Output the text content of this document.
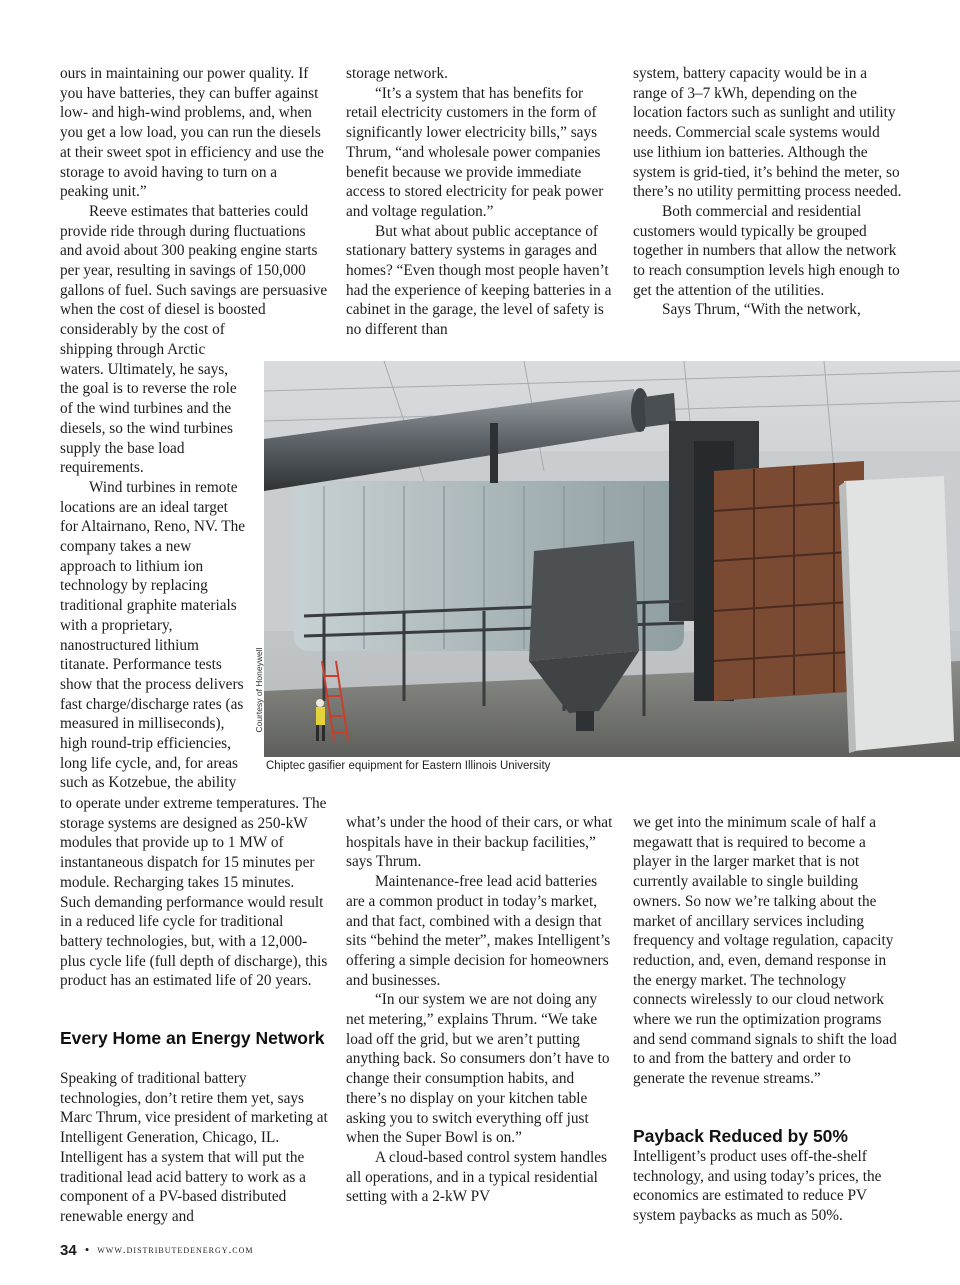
ours in maintaining our power quality. If you have batteries, they can buffer against low- and high-wind problems, and, when you get a low load, you can run the diesels at their sweet spot in efficiency and use the storage to avoid having to turn on a peaking unit.”

Reeve estimates that batteries could provide ride through during fluctuations and avoid about 300 peaking engine starts per year, resulting in savings of 150,000 gallons of fuel. Such savings are persuasive when the cost of diesel is boosted considerably by the cost of

shipping through Arctic waters. Ultimately, he says, the goal is to reverse the role of the wind turbines and the diesels, so the wind turbines supply the base load requirements.

Wind turbines in remote locations are an ideal target for Altairnano, Reno, NV. The company takes a new approach to lithium ion technology by replacing traditional graphite materials with a proprietary, nanostructured lithium titanate. Performance tests show that the process delivers fast charge/discharge rates (as measured in milliseconds), high round-trip efficiencies, long life cycle, and, for areas such as Kotzebue, the ability

to operate under extreme temperatures. The storage systems are designed as 250-kW modules that provide up to 1 MW of instantaneous dispatch for 15 minutes per module. Recharging takes 15 minutes. Such demanding performance would result in a reduced life cycle for traditional battery technologies, but, with a 12,000-plus cycle life (full depth of discharge), this product has an estimated life of 20 years.

Every Home an Energy Network

Speaking of traditional battery technologies, don’t retire them yet, says Marc Thrum, vice president of marketing at Intelligent Generation, Chicago, IL. Intelligent has a system that will put the traditional lead acid battery to work as a component of a PV-based distributed renewable energy and

storage network.

“It’s a system that has benefits for retail electricity customers in the form of significantly lower electricity bills,” says Thrum, “and wholesale power companies benefit because we provide immediate access to stored electricity for peak power and voltage regulation.”

But what about public acceptance of stationary battery systems in garages and homes? “Even though most people haven’t had the experience of keeping batteries in a cabinet in the garage, the level of safety is no different than

system, battery capacity would be in a range of 3–7 kWh, depending on the location factors such as sunlight and utility needs. Commercial scale systems would use lithium ion batteries. Although the system is grid-tied, it’s behind the meter, so there’s no utility permitting process needed.

Both commercial and residential customers would typically be grouped together in numbers that allow the network to reach consumption levels high enough to get the attention of the utilities.

Says Thrum, “With the network,

Courtesy of Honeywell
Chiptec gasifier equipment for Eastern Illinois University

what’s under the hood of their cars, or what hospitals have in their backup facilities,” says Thrum.

Maintenance-free lead acid batteries are a common product in today’s market, and that fact, combined with a design that sits “behind the meter”, makes Intelligent’s offering a simple decision for homeowners and businesses.

“In our system we are not doing any net metering,” explains Thrum. “We take load off the grid, but we aren’t putting anything back. So consumers don’t have to change their consumption habits, and there’s no display on your kitchen table asking you to switch everything off just when the Super Bowl is on.”

A cloud-based control system handles all operations, and in a typical residential setting with a 2-kW PV

we get into the minimum scale of half a megawatt that is required to become a player in the larger market that is not currently available to single building owners. So now we’re talking about the market of ancillary services including frequency and voltage regulation, capacity reduction, and, even, demand response in the energy market. The technology connects wirelessly to our cloud network where we run the optimization programs and send command signals to shift the load to and from the battery and order to generate the revenue streams.”

Payback Reduced by 50%

Intelligent’s product uses off-the-shelf technology, and using today’s prices, the economics are estimated to reduce PV system paybacks as much as 50%.

34 • www.distributedenergy.com
